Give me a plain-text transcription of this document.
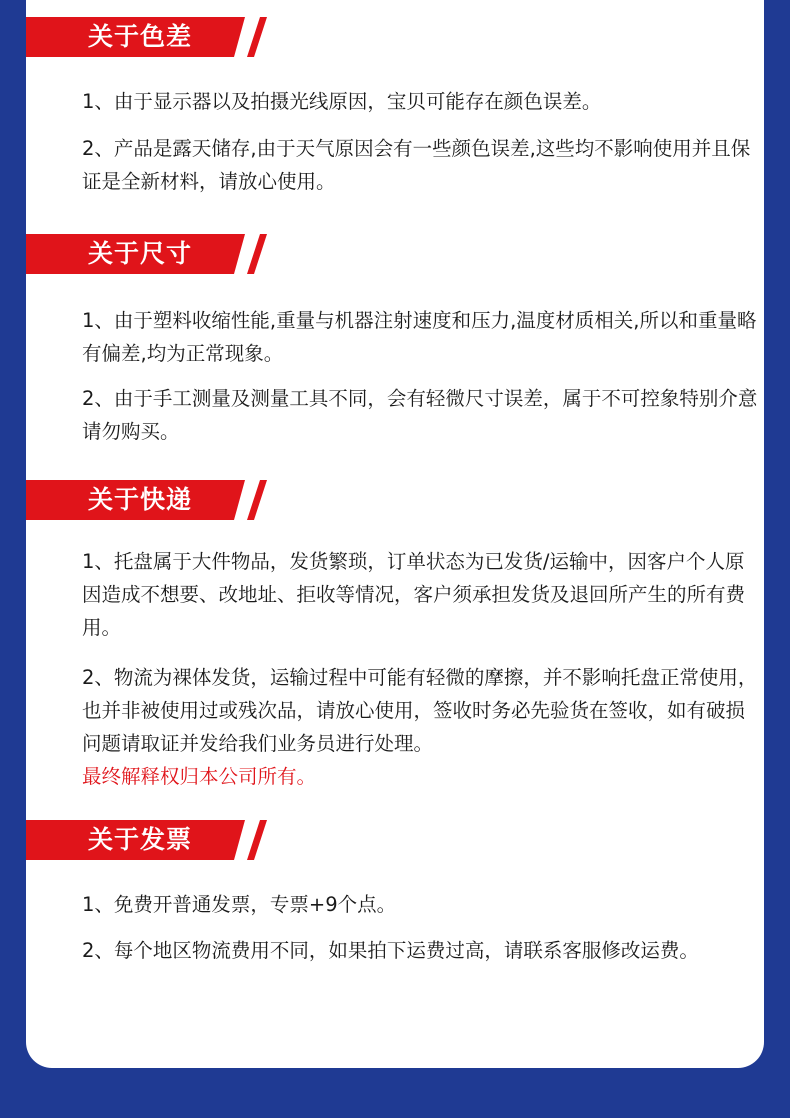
关于色差
1、由于显示器以及拍摄光线原因，宝贝可能存在颜色误差。
2、产品是露天储存,由于天气原因会有一些颜色误差,这些均不影响使用并且保证是全新材料，请放心使用。
关于尺寸
1、由于塑料收缩性能,重量与机器注射速度和压力,温度材质相关,所以和重量略有偏差,均为正常现象。
2、由于手工测量及测量工具不同，会有轻微尺寸误差，属于不可控象特别介意请勿购买。
关于快递
1、托盘属于大件物品，发货繁琐，订单状态为已发货/运输中，因客户个人原因造成不想要、改地址、拒收等情况，客户须承担发货及退回所产生的所有费用。
2、物流为裸体发货，运输过程中可能有轻微的摩擦，并不影响托盘正常使用，也并非被使用过或残次品，请放心使用，签收时务必先验货在签收，如有破损问题请取证并发给我们业务员进行处理。
最终解释权归本公司所有。
关于发票
1、免费开普通发票，专票+9个点。
2、每个地区物流费用不同，如果拍下运费过高，请联系客服修改运费。
